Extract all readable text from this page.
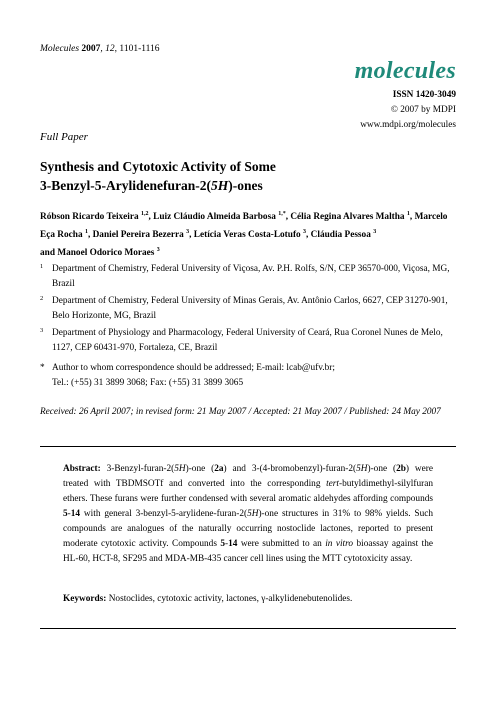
Molecules 2007, 12, 1101-1116
molecules
ISSN 1420-3049
© 2007 by MDPI
www.mdpi.org/molecules
Full Paper
Synthesis and Cytotoxic Activity of Some
3-Benzyl-5-Arylidenefuran-2(5H)-ones
Róbson Ricardo Teixeira $^{1,2}$, Luiz Cláudio Almeida Barbosa $^{1,*}$, Célia Regina Alvares Maltha $^1$, Marcelo Eça Rocha $^1$, Daniel Pereira Bezerra $^3$, Letícia Veras Costa-Lotufo $^3$, Cláudia Pessoa $^3$
and Manoel Odorico Moraes $^3$
1 Department of Chemistry, Federal University of Viçosa, Av. P.H. Rolfs, S/N, CEP 36570-000, Viçosa, MG, Brazil
2 Department of Chemistry, Federal University of Minas Gerais, Av. Antônio Carlos, 6627, CEP 31270-901, Belo Horizonte, MG, Brazil
3 Department of Physiology and Pharmacology, Federal University of Ceará, Rua Coronel Nunes de Melo, 1127, CEP 60431-970, Fortaleza, CE, Brazil
* Author to whom correspondence should be addressed; E-mail: lcab@ufv.br;
Tel.: (+55) 31 3899 3068; Fax: (+55) 31 3899 3065
Received: 26 April 2007; in revised form: 21 May 2007 / Accepted: 21 May 2007 / Published: 24 May 2007
Abstract: 3-Benzyl-furan-2(5H)-one (2a) and 3-(4-bromobenzyl)-furan-2(5H)-one (2b) were treated with TBDMSOTf and converted into the corresponding tert-butyldimethyl-silylfuran ethers. These furans were further condensed with several aromatic aldehydes affording compounds 5-14 with general 3-benzyl-5-arylidene-furan-2(5H)-one structures in 31% to 98% yields. Such compounds are analogues of the naturally occurring nostoclide lactones, reported to present moderate cytotoxic activity. Compounds 5-14 were submitted to an in vitro bioassay against the HL-60, HCT-8, SF295 and MDA-MB-435 cancer cell lines using the MTT cytotoxicity assay.
Keywords: Nostoclides, cytotoxic activity, lactones, γ-alkylidenebutenolides.
